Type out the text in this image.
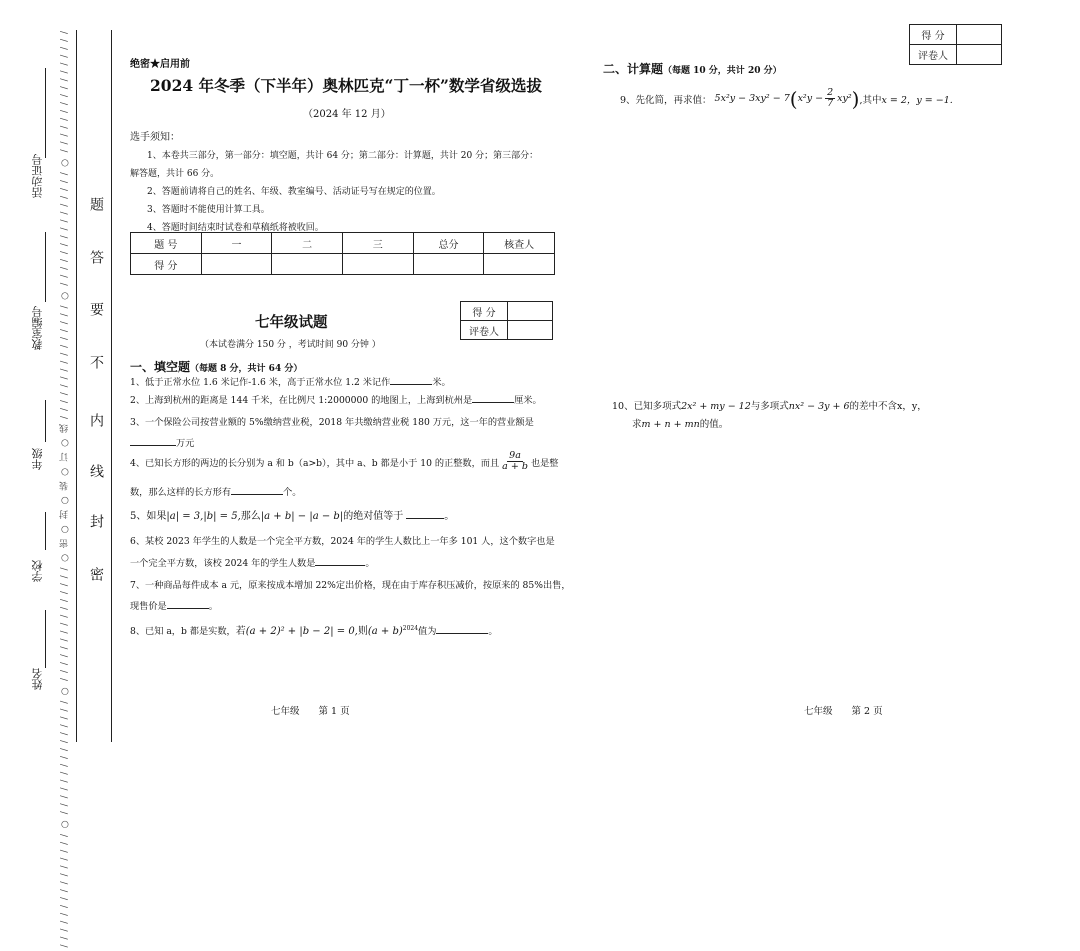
/ / / / / / / / / / / / / / / ○ / / / / / / / / / / / / / / / ○ / / / / / / / / / / / / / / / ○ 密 ○ 封 ○ 装 ○ 订 ○ 线 / / / / / / / / / / / / / / / ○ / / / / / / / / / / / / / / / ○ / / / / / / / / / / / / / / / /
活动证号
教室编号
年级
学校
姓名
密
封
线
内
不
要
答
题
绝密★启用前
2024 年冬季（下半年）奥林匹克“丁一杯”数学省级选拔
（2024 年 12 月）
选手须知：
1、本卷共三部分，第一部分：填空题，共计 64 分；第二部分：计算题，共计 20 分；第三部分：
解答题，共计 66 分。
2、答题前请将自己的姓名、年级、教室编号、活动证号写在规定的位置。
3、答题时不能使用计算工具。
4、答题时间结束时试卷和草稿纸将被收回。
题 号	一	二	三	总分	核查人
得 分					
七年级试题
（本试卷满分 150 分 ，考试时间 90 分钟 ）
得 分	
评卷人	
一、填空题（每题 8 分，共计 64 分）
1、低于正常水位 1.6 米记作-1.6 米，高于正常水位 1.2 米记作	米。
2、上海到杭州的距离是 144 千米，在比例尺 1:2000000 的地图上，上海到杭州是	厘米。
3、一个保险公司按营业额的 5%缴纳营业税，2018 年共缴纳营业税 180 万元，这一年的营业额是
万元
4、已知长方形的两边的长分别为 a 和 b（a>b），其中 a、b 都是小于 10 的正整数，而且 $\frac{9a}{a + b}$ 也是整
数，那么这样的长方形有	个。
5、如果|a| = 3,|b| = 5,那么|a + b| − |a − b|的绝对值等于	。
6、某校 2023 年学生的人数是一个完全平方数，2024 年的学生人数比上一年多 101 人，这个数字也是
一个完全平方数，该校 2024 年的学生人数是	。
7、一种商品每件成本 a 元，原来按成本增加 22%定出价格，现在由于库存积压减价，按原来的 85%出售，
现售价是	。
8、已知 a，b 都是实数，若(a + 2)² + |b − 2| = 0,则$(a + b)^{2024}$值为	。
七年级　　第 1 页
得 分	
评卷人	
二、计算题（每题 10 分，共计 20 分）
9、先化简，再求值： 5x²y − 3xy² − 7 ( $x^2y - \frac{2}{7} xy^2$ ) ,其中 x = 2，y = −1.
10、已知多项式2x² + my − 12与多项式nx² − 3y + 6的差中不含x，y，
求m + n + mn的值。
七年级　　第 2 页
